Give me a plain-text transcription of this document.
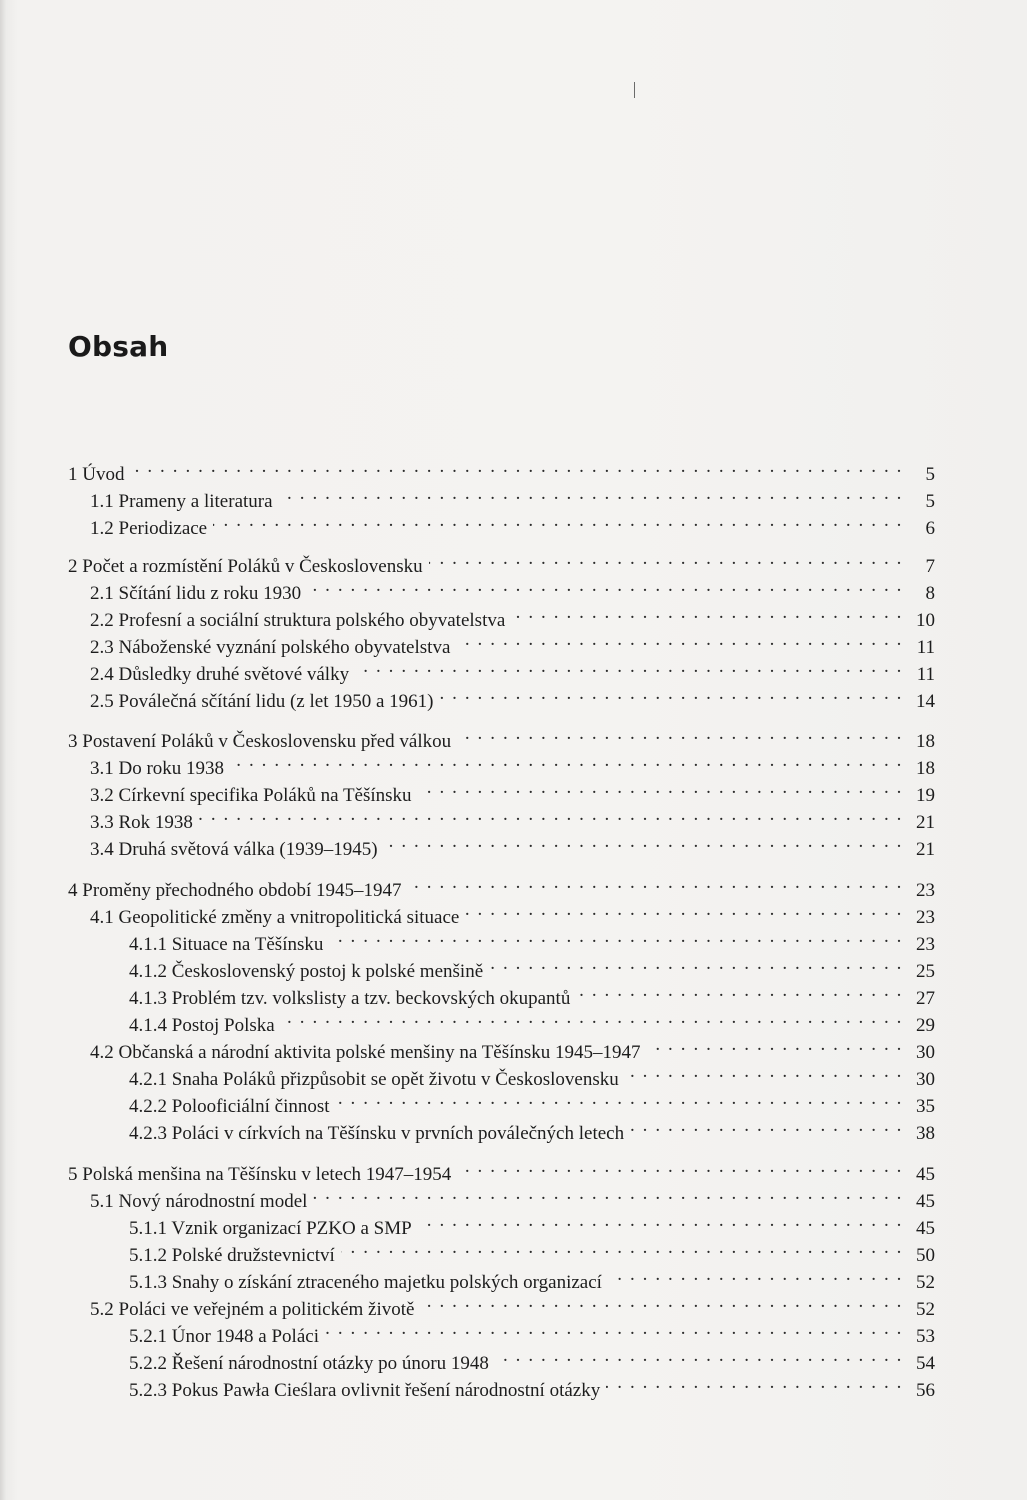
Obsah
1 Úvod . . .	5
1.1 Prameny a literatura . . .	5
1.2 Periodizace . . .	6
2 Počet a rozmístění Poláků v Československu . . .	7
2.1 Sčítání lidu z roku 1930 . . .	8
2.2 Profesní a sociální struktura polského obyvatelstva . . .	10
2.3 Náboženské vyznání polského obyvatelstva . . .	11
2.4 Důsledky druhé světové války . . .	11
2.5 Poválečná sčítání lidu (z let 1950 a 1961) . . .	14
3 Postavení Poláků v Československu před válkou . . .	18
3.1 Do roku 1938 . . .	18
3.2 Církevní specifika Poláků na Těšínsku . . .	19
3.3 Rok 1938 . . .	21
3.4 Druhá světová válka (1939–1945) . . .	21
4 Proměny přechodného období 1945–1947 . . .	23
4.1 Geopolitické změny a vnitropolitická situace . . .	23
4.1.1 Situace na Těšínsku . . .	23
4.1.2 Československý postoj k polské menšině . . .	25
4.1.3 Problém tzv. volkslisty a tzv. beckovských okupantů . . .	27
4.1.4 Postoj Polska . . .	29
4.2 Občanská a národní aktivita polské menšiny na Těšínsku 1945–1947 . . .	30
4.2.1 Snaha Poláků přizpůsobit se opět životu v Československu . . .	30
4.2.2 Polooficiální činnost . . .	35
4.2.3 Poláci v církvích na Těšínsku v prvních poválečných letech . . .	38
5 Polská menšina na Těšínsku v letech 1947–1954 . . .	45
5.1 Nový národnostní model . . .	45
5.1.1 Vznik organizací PZKO a SMP . . .	45
5.1.2 Polské družstevnictví . . .	50
5.1.3 Snahy o získání ztraceného majetku polských organizací . . .	52
5.2 Poláci ve veřejném a politickém životě . . .	52
5.2.1 Únor 1948 a Poláci . . .	53
5.2.2 Řešení národnostní otázky po únoru 1948 . . .	54
5.2.3 Pokus Pawła Cieślara ovlivnit řešení národnostní otázky . . .	56
